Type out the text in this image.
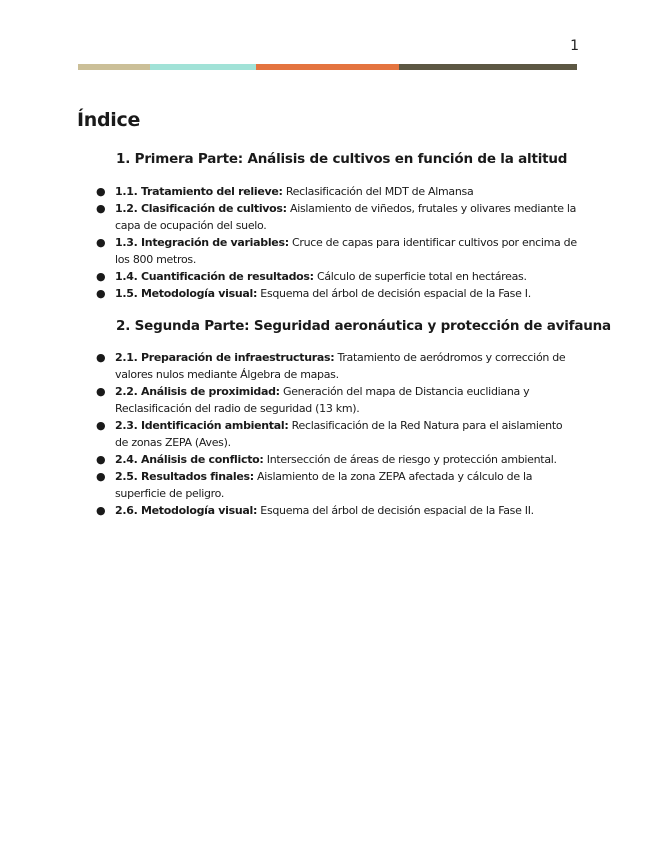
1
Índice
1. Primera Parte: Análisis de cultivos en función de la altitud
● 1.1. Tratamiento del relieve: Reclasificación del MDT de Almansa
● 1.2. Clasificación de cultivos: Aislamiento de viñedos, frutales y olivares mediante la capa de ocupación del suelo.
● 1.3. Integración de variables: Cruce de capas para identificar cultivos por encima de los 800 metros.
● 1.4. Cuantificación de resultados: Cálculo de superficie total en hectáreas.
● 1.5. Metodología visual: Esquema del árbol de decisión espacial de la Fase I.
2. Segunda Parte: Seguridad aeronáutica y protección de avifauna
● 2.1. Preparación de infraestructuras: Tratamiento de aeródromos y corrección de valores nulos mediante Álgebra de mapas.
● 2.2. Análisis de proximidad: Generación del mapa de Distancia euclidiana y Reclasificación del radio de seguridad (13 km).
● 2.3. Identificación ambiental: Reclasificación de la Red Natura para el aislamiento de zonas ZEPA (Aves).
● 2.4. Análisis de conflicto: Intersección de áreas de riesgo y protección ambiental.
● 2.5. Resultados finales: Aislamiento de la zona ZEPA afectada y cálculo de la superficie de peligro.
● 2.6. Metodología visual: Esquema del árbol de decisión espacial de la Fase II.
